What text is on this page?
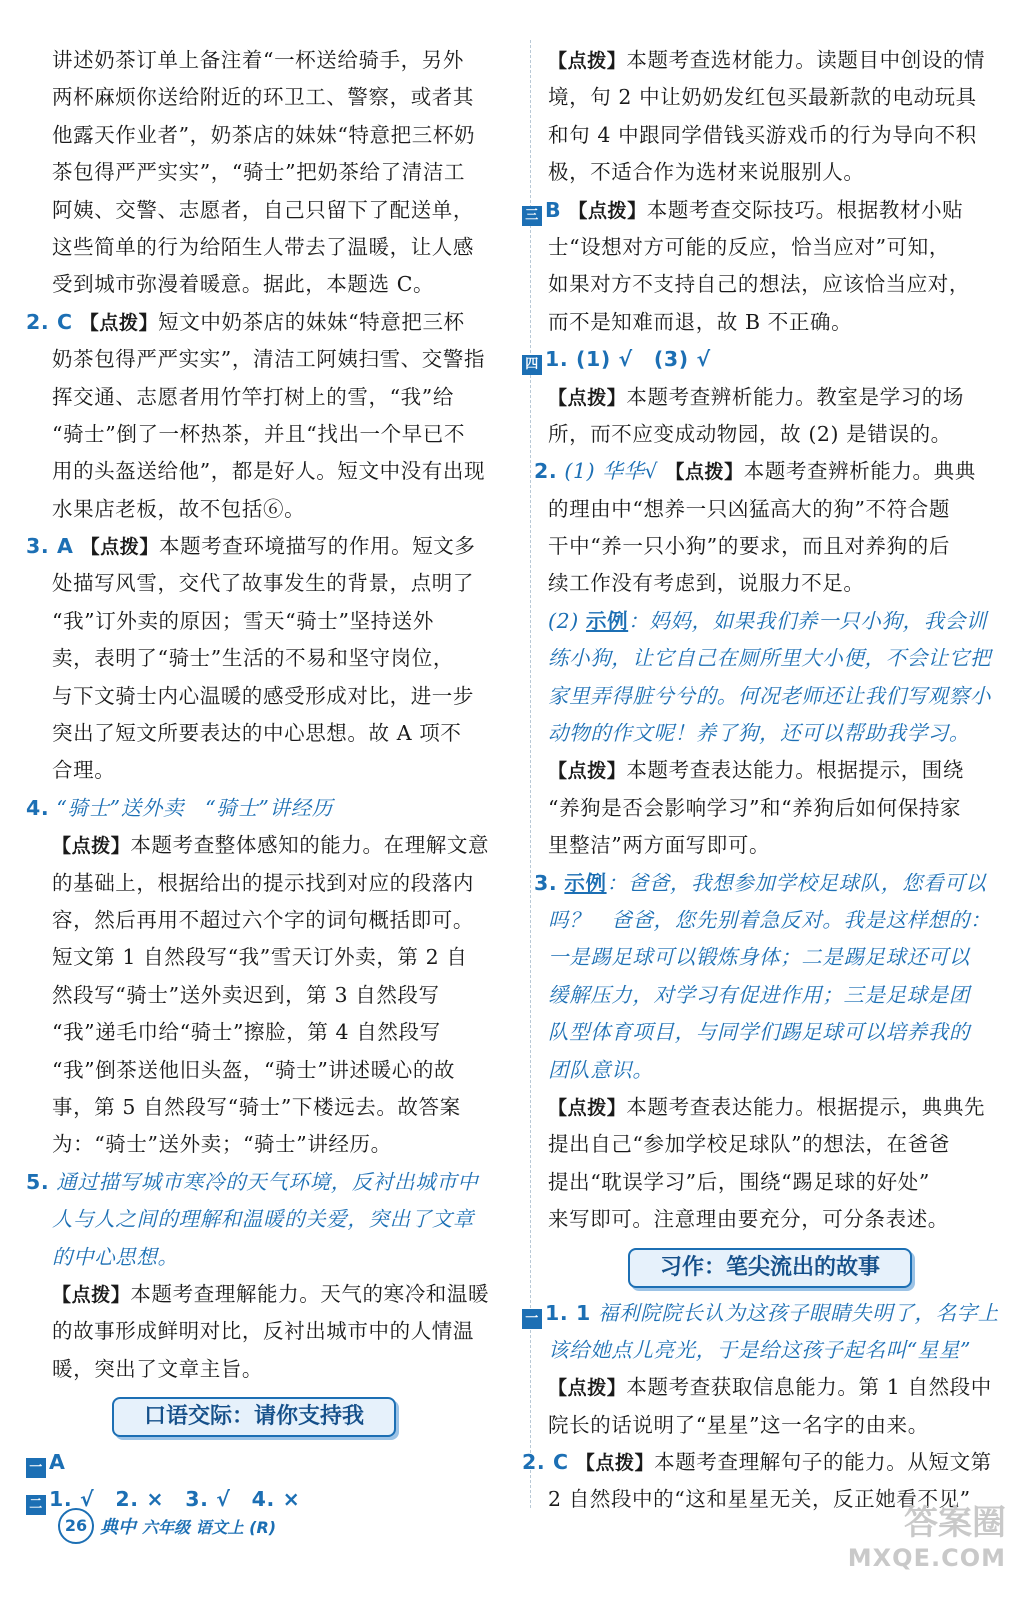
讲述奶茶订单上备注着“一杯送给骑手，另外
两杯麻烦你送给附近的环卫工、警察，或者其
他露天作业者”，奶茶店的妹妹“特意把三杯奶
茶包得严严实实”，“骑士”把奶茶给了清洁工
阿姨、交警、志愿者，自己只留下了配送单，
这些简单的行为给陌生人带去了温暖，让人感
受到城市弥漫着暖意。据此，本题选 C。
2. C 【点拨】短文中奶茶店的妹妹“特意把三杯
奶茶包得严严实实”，清洁工阿姨扫雪、交警指
挥交通、志愿者用竹竿打树上的雪，“我”给
“骑士”倒了一杯热茶，并且“找出一个早已不
用的头盔送给他”，都是好人。短文中没有出现
水果店老板，故不包括⑥。
3. A 【点拨】本题考查环境描写的作用。短文多
处描写风雪，交代了故事发生的背景，点明了
“我”订外卖的原因；雪天“骑士”坚持送外
卖，表明了“骑士”生活的不易和坚守岗位，
与下文骑士内心温暖的感受形成对比，进一步
突出了短文所要表达的中心思想。故 A 项不
合理。
4. “骑士”送外卖　“骑士”讲经历
【点拨】本题考查整体感知的能力。在理解文意
的基础上，根据给出的提示找到对应的段落内
容，然后再用不超过六个字的词句概括即可。
短文第 1 自然段写“我”雪天订外卖，第 2 自
然段写“骑士”送外卖迟到，第 3 自然段写
“我”递毛巾给“骑士”擦脸，第 4 自然段写
“我”倒茶送他旧头盔，“骑士”讲述暖心的故
事，第 5 自然段写“骑士”下楼远去。故答案
为：“骑士”送外卖；“骑士”讲经历。
5. 通过描写城市寒冷的天气环境，反衬出城市中
人与人之间的理解和温暖的关爱，突出了文章
的中心思想。
【点拨】本题考查理解能力。天气的寒冷和温暖
的故事形成鲜明对比，反衬出城市中的人情温
暖，突出了文章主旨。
口语交际：请你支持我
一 A
二 1. √　2. ×　3. √　4. ×
【点拨】本题考查选材能力。读题目中创设的情
境，句 2 中让奶奶发红包买最新款的电动玩具
和句 4 中跟同学借钱买游戏币的行为导向不积
极，不适合作为选材来说服别人。
三 B 【点拨】本题考查交际技巧。根据教材小贴
士“设想对方可能的反应，恰当应对”可知，
如果对方不支持自己的想法，应该恰当应对，
而不是知难而退，故 B 不正确。
四 1. (1) √　(3) √
【点拨】本题考查辨析能力。教室是学习的场
所，而不应变成动物园，故 (2) 是错误的。
2. (1) 华华√ 【点拨】本题考查辨析能力。典典
的理由中“想养一只凶猛高大的狗”不符合题
干中“养一只小狗”的要求，而且对养狗的后
续工作没有考虑到，说服力不足。
(2) 示例：妈妈，如果我们养一只小狗，我会训
练小狗，让它自己在厕所里大小便，不会让它把
家里弄得脏兮兮的。何况老师还让我们写观察小
动物的作文呢！养了狗，还可以帮助我学习。
【点拨】本题考查表达能力。根据提示，围绕
“养狗是否会影响学习”和“养狗后如何保持家
里整洁”两方面写即可。
3. 示例：爸爸，我想参加学校足球队，您看可以
吗？　爸爸，您先别着急反对。我是这样想的：
一是踢足球可以锻炼身体；二是踢足球还可以
缓解压力，对学习有促进作用；三是足球是团
队型体育项目，与同学们踢足球可以培养我的
团队意识。
【点拨】本题考查表达能力。根据提示，典典先
提出自己“参加学校足球队”的想法，在爸爸
提出“耽误学习”后，围绕“踢足球的好处”
来写即可。注意理由要充分，可分条表述。
习作：笔尖流出的故事
一 1. 1 福利院院长认为这孩子眼睛失明了，名字上
该给她点儿亮光，于是给这孩子起名叫“星星”
【点拨】本题考查获取信息能力。第 1 自然段中
院长的话说明了“星星”这一名字的由来。
2. C 【点拨】本题考查理解句子的能力。从短文第
2 自然段中的“这和星星无关，反正她看不见”
26 典中 六年级 语文上 (R)	答案圈
MXQE.COM
